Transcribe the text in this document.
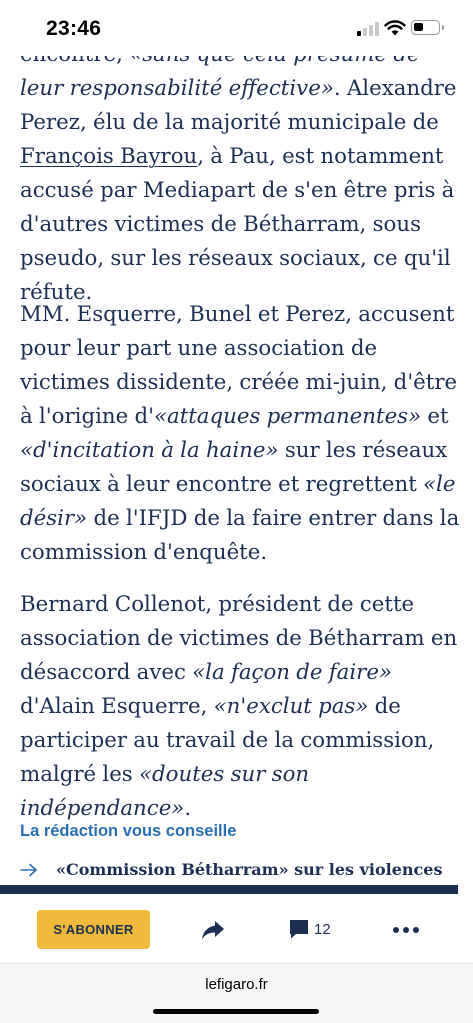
23:46

leur responsabilité effective». Alexandre Perez, élu de la majorité municipale de François Bayrou, à Pau, est notamment accusé par Mediapart de s'en être pris à d'autres victimes de Bétharram, sous pseudo, sur les réseaux sociaux, ce qu'il réfute.

MM. Esquerre, Bunel et Perez, accusent pour leur part une association de victimes dissidente, créée mi-juin, d'être à l'origine d'«attaques permanentes» et «d'incitation à la haine» sur les réseaux sociaux à leur encontre et regrettent «le désir» de l'IFJD de la faire entrer dans la commission d'enquête.

Bernard Collenot, président de cette association de victimes de Bétharram en désaccord avec «la façon de faire» d'Alain Esquerre, «n'exclut pas» de participer au travail de la commission, malgré les «doutes sur son indépendance».

La rédaction vous conseille
«Commission Bétharram» sur les violences
S'ABONNER	12
lefigaro.fr
